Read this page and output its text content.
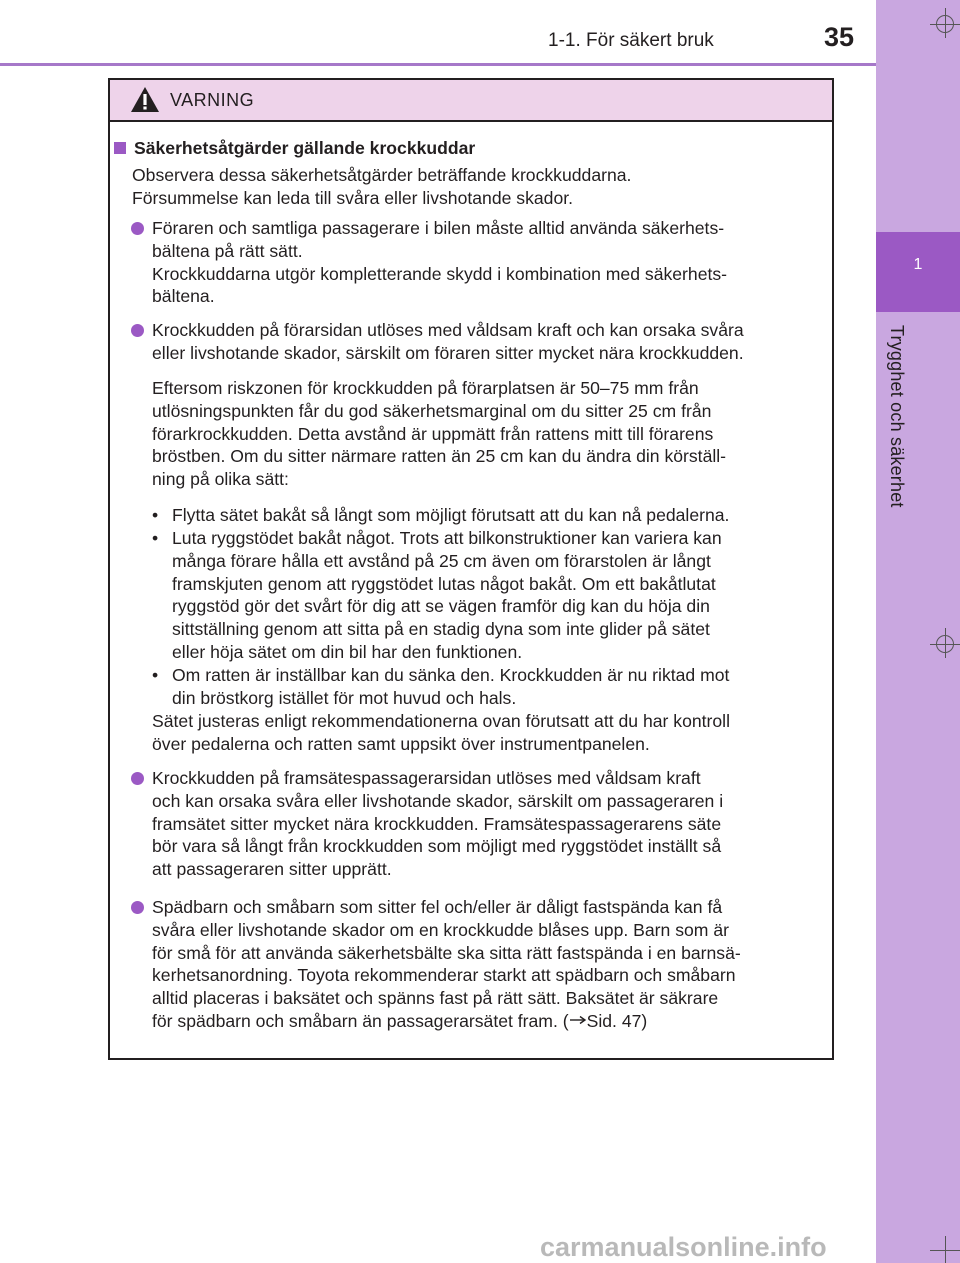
1-1. För säkert bruk	35
1
Trygghet och säkerhet
VARNING
Säkerhetsåtgärder gällande krockkuddar
Observera dessa säkerhetsåtgärder beträffande krockkuddarna.
Försummelse kan leda till svåra eller livshotande skador.
Föraren och samtliga passagerare i bilen måste alltid använda säkerhets-
bältena på rätt sätt.
Krockkuddarna utgör kompletterande skydd i kombination med säkerhets-
bältena.
Krockkudden på förarsidan utlöses med våldsam kraft och kan orsaka svåra
eller livshotande skador, särskilt om föraren sitter mycket nära krockkudden.
Eftersom riskzonen för krockkudden på förarplatsen är 50–75 mm från
utlösningspunkten får du god säkerhetsmarginal om du sitter 25 cm från
förarkrockkudden. Detta avstånd är uppmätt från rattens mitt till förarens
bröstben. Om du sitter närmare ratten än 25 cm kan du ändra din körställ-
ning på olika sätt:
• Flytta sätet bakåt så långt som möjligt förutsatt att du kan nå pedalerna.
• Luta ryggstödet bakåt något. Trots att bilkonstruktioner kan variera kan
många förare hålla ett avstånd på 25 cm även om förarstolen är långt
framskjuten genom att ryggstödet lutas något bakåt. Om ett bakåtlutat
ryggstöd gör det svårt för dig att se vägen framför dig kan du höja din
sittställning genom att sitta på en stadig dyna som inte glider på sätet
eller höja sätet om din bil har den funktionen.
• Om ratten är inställbar kan du sänka den. Krockkudden är nu riktad mot
din bröstkorg istället för mot huvud och hals.
Sätet justeras enligt rekommendationerna ovan förutsatt att du har kontroll
över pedalerna och ratten samt uppsikt över instrumentpanelen.
Krockkudden på framsätespassagerarsidan utlöses med våldsam kraft
och kan orsaka svåra eller livshotande skador, särskilt om passageraren i
framsätet sitter mycket nära krockkudden. Framsätespassagerarens säte
bör vara så långt från krockkudden som möjligt med ryggstödet inställt så
att passageraren sitter upprätt.
Spädbarn och småbarn som sitter fel och/eller är dåligt fastspända kan få
svåra eller livshotande skador om en krockkudde blåses upp. Barn som är
för små för att använda säkerhetsbälte ska sitta rätt fastspända i en barnsä-
kerhetsanordning. Toyota rekommenderar starkt att spädbarn och småbarn
alltid placeras i baksätet och spänns fast på rätt sätt. Baksätet är säkrare
för spädbarn och småbarn än passagerarsätet fram. ( Sid. 47)
carmanualsonline.info
